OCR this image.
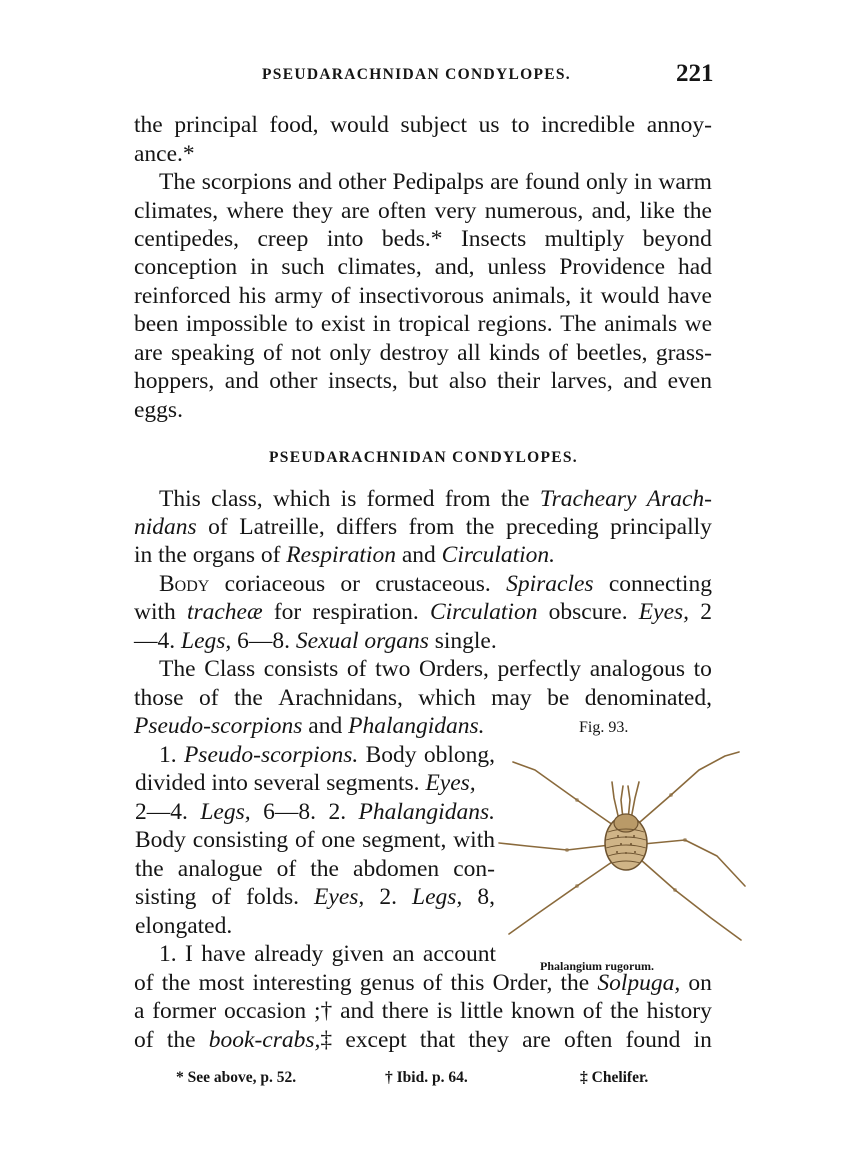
PSEUDARACHNIDAN CONDYLOPES.	221
the principal food, would subject us to incredible annoy-
ance.*
The scorpions and other Pedipalps are found only in warm
climates, where they are often very numerous, and, like the
centipedes, creep into beds.* Insects multiply beyond
conception in such climates, and, unless Providence had
reinforced his army of insectivorous animals, it would have
been impossible to exist in tropical regions. The animals we
are speaking of not only destroy all kinds of beetles, grass-
hoppers, and other insects, but also their larves, and even
eggs.
PSEUDARACHNIDAN CONDYLOPES.
This class, which is formed from the Tracheary Arach-
nidans of Latreille, differs from the preceding principally
in the organs of Respiration and Circulation.
Body coriaceous or crustaceous. Spiracles connecting
with tracheæ for respiration. Circulation obscure. Eyes, 2
—4. Legs, 6—8. Sexual organs single.
The Class consists of two Orders, perfectly analogous to
those of the Arachnidans, which may be denominated,
Pseudo-scorpions and Phalangidans.	Fig. 93.
1. Pseudo-scorpions. Body oblong,
divided into several segments. Eyes,
2—4. Legs, 6—8. 2. Phalangidans.
Body consisting of one segment, with
the analogue of the abdomen con-
sisting of folds. Eyes, 2. Legs, 8,
elongated.
Phalangium rugorum.
1. I have already given an account
of the most interesting genus of this Order, the Solpuga, on
a former occasion ;† and there is little known of the history
of the book-crabs,‡ except that they are often found in
* See above, p. 52.	† Ibid. p. 64.	‡ Chelifer.
